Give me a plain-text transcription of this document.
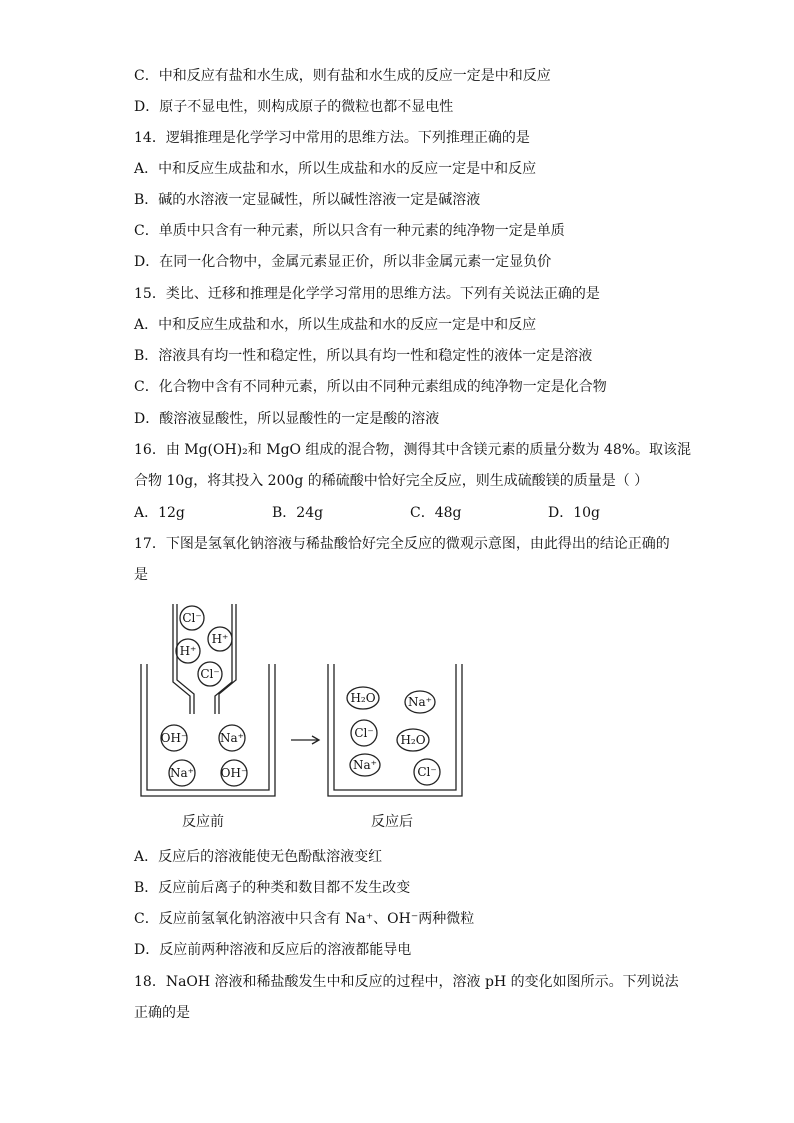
C．中和反应有盐和水生成，则有盐和水生成的反应一定是中和反应
D．原子不显电性，则构成原子的微粒也都不显电性
14．逻辑推理是化学学习中常用的思维方法。下列推理正确的是
A．中和反应生成盐和水，所以生成盐和水的反应一定是中和反应
B．碱的水溶液一定显碱性，所以碱性溶液一定是碱溶液
C．单质中只含有一种元素，所以只含有一种元素的纯净物一定是单质
D．在同一化合物中，金属元素显正价，所以非金属元素一定显负价
15．类比、迁移和推理是化学学习常用的思维方法。下列有关说法正确的是
A．中和反应生成盐和水，所以生成盐和水的反应一定是中和反应
B．溶液具有均一性和稳定性，所以具有均一性和稳定性的液体一定是溶液
C．化合物中含有不同种元素，所以由不同种元素组成的纯净物一定是化合物
D．酸溶液显酸性，所以显酸性的一定是酸的溶液
16．由 Mg(OH)₂和 MgO 组成的混合物，测得其中含镁元素的质量分数为 48%。取该混
合物 10g，将其投入 200g 的稀硫酸中恰好完全反应，则生成硫酸镁的质量是（ ）
A．12g	B．24g	C．48g	D．10g
17．下图是氢氧化钠溶液与稀盐酸恰好完全反应的微观示意图，由此得出的结论正确的
是
Cl⁻
H⁺
H⁺
Cl⁻
OH⁻	Na⁺
Na⁺ OH⁻
H₂O	Na⁺
Cl⁻ H₂O
Na⁺	Cl⁻
反应前	反应后
A．反应后的溶液能使无色酚酞溶液变红
B．反应前后离子的种类和数目都不发生改变
C．反应前氢氧化钠溶液中只含有 Na⁺、OH⁻两种微粒
D．反应前两种溶液和反应后的溶液都能导电
18．NaOH 溶液和稀盐酸发生中和反应的过程中，溶液 pH 的变化如图所示。下列说法
正确的是
